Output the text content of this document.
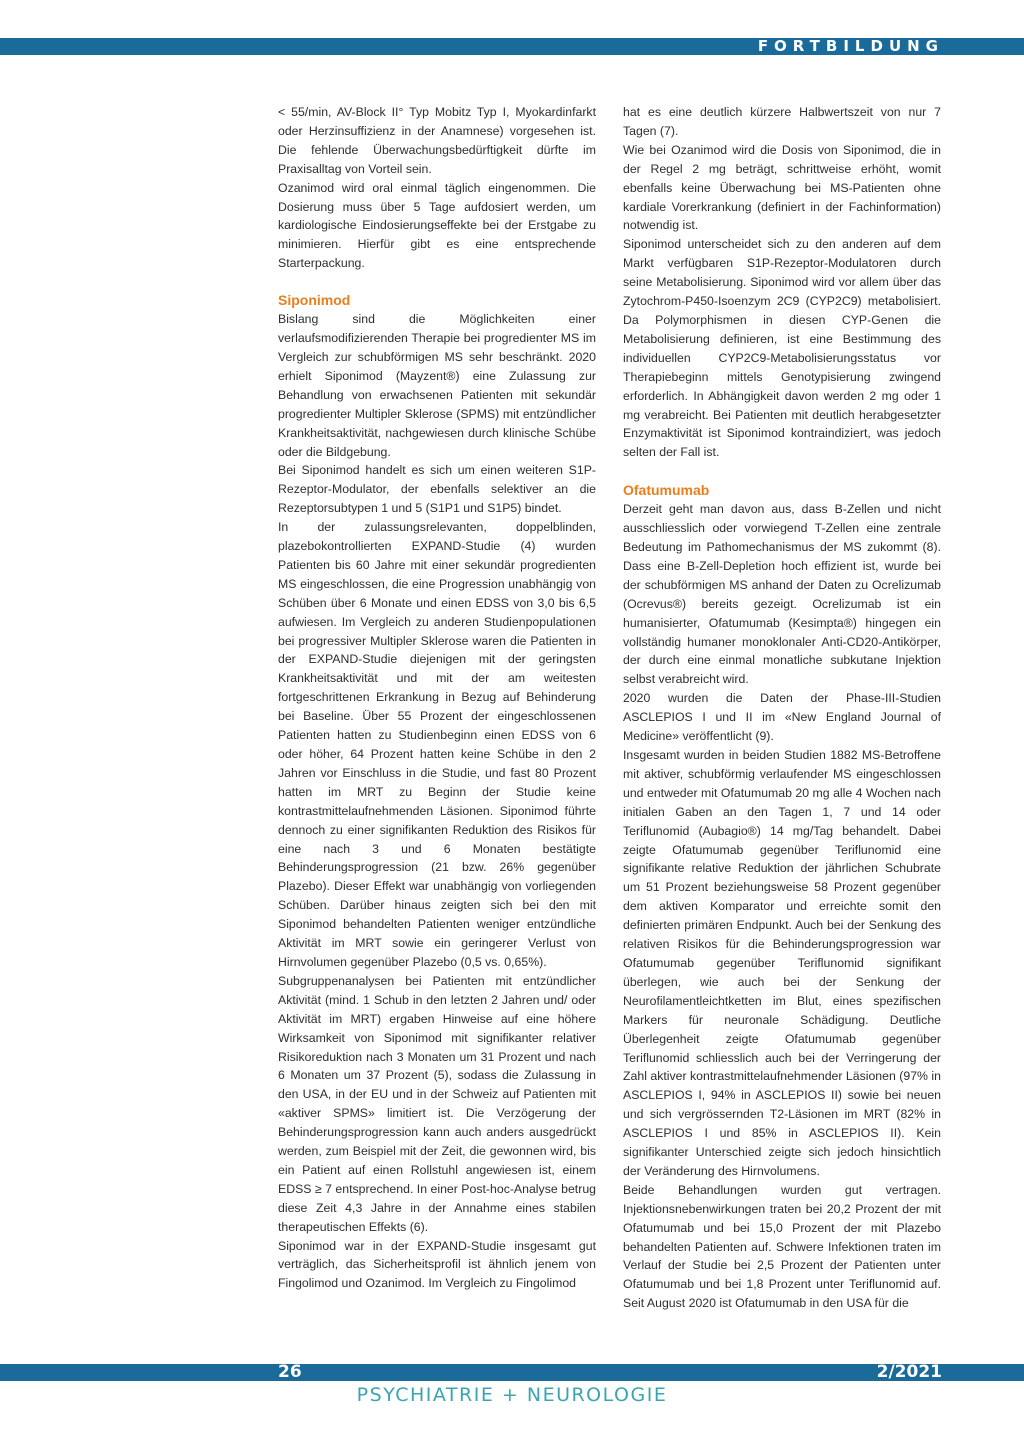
FORTBILDUNG

< 55/min, AV-Block II° Typ Mobitz Typ I, Myokardinfarkt oder Herzinsuffizienz in der Anamnese) vorgesehen ist. Die fehlende Überwachungsbedürftigkeit dürfte im Praxisalltag von Vorteil sein.

Ozanimod wird oral einmal täglich eingenommen. Die Dosierung muss über 5 Tage aufdosiert werden, um kardiologische Eindosierungseffekte bei der Erstgabe zu minimieren. Hierfür gibt es eine entsprechende Starterpackung.

Siponimod

Bislang sind die Möglichkeiten einer verlaufsmodifizierenden Therapie bei progredienter MS im Vergleich zur schubförmigen MS sehr beschränkt. 2020 erhielt Siponimod (Mayzent®) eine Zulassung zur Behandlung von erwachsenen Patienten mit sekundär progredienter Multipler Sklerose (SPMS) mit entzündlicher Krankheitsaktivität, nachgewiesen durch klinische Schübe oder die Bildgebung.

Bei Siponimod handelt es sich um einen weiteren S1P-Rezeptor-Modulator, der ebenfalls selektiver an die Rezeptorsubtypen 1 und 5 (S1P1 und S1P5) bindet.

In der zulassungsrelevanten, doppelblinden, plazebokontrollierten EXPAND-Studie (4) wurden Patienten bis 60 Jahre mit einer sekundär progredienten MS eingeschlossen, die eine Progression unabhängig von Schüben über 6 Monate und einen EDSS von 3,0 bis 6,5 aufwiesen. Im Vergleich zu anderen Studienpopulationen bei progressiver Multipler Sklerose waren die Patienten in der EXPAND-Studie diejenigen mit der geringsten Krankheitsaktivität und mit der am weitesten fortgeschrittenen Erkrankung in Bezug auf Behinderung bei Baseline. Über 55 Prozent der eingeschlossenen Patienten hatten zu Studienbeginn einen EDSS von 6 oder höher, 64 Prozent hatten keine Schübe in den 2 Jahren vor Einschluss in die Studie, und fast 80 Prozent hatten im MRT zu Beginn der Studie keine kontrastmittelaufnehmenden Läsionen. Siponimod führte dennoch zu einer signifikanten Reduktion des Risikos für eine nach 3 und 6 Monaten bestätigte Behinderungsprogression (21 bzw. 26% gegenüber Plazebo). Dieser Effekt war unabhängig von vorliegenden Schüben. Darüber hinaus zeigten sich bei den mit Siponimod behandelten Patienten weniger entzündliche Aktivität im MRT sowie ein geringerer Verlust von Hirnvolumen gegenüber Plazebo (0,5 vs. 0,65%).

Subgruppenanalysen bei Patienten mit entzündlicher Aktivität (mind. 1 Schub in den letzten 2 Jahren und/ oder Aktivität im MRT) ergaben Hinweise auf eine höhere Wirksamkeit von Siponimod mit signifikanter relativer Risikoreduktion nach 3 Monaten um 31 Prozent und nach 6 Monaten um 37 Prozent (5), sodass die Zulassung in den USA, in der EU und in der Schweiz auf Patienten mit «aktiver SPMS» limitiert ist. Die Verzögerung der Behinderungsprogression kann auch anders ausgedrückt werden, zum Beispiel mit der Zeit, die gewonnen wird, bis ein Patient auf einen Rollstuhl angewiesen ist, einem EDSS ≥ 7 entsprechend. In einer Post-hoc-Analyse betrug diese Zeit 4,3 Jahre in der Annahme eines stabilen therapeutischen Effekts (6).

Siponimod war in der EXPAND-Studie insgesamt gut verträglich, das Sicherheitsprofil ist ähnlich jenem von Fingolimod und Ozanimod. Im Vergleich zu Fingolimod

hat es eine deutlich kürzere Halbwertszeit von nur 7 Tagen (7).

Wie bei Ozanimod wird die Dosis von Siponimod, die in der Regel 2 mg beträgt, schrittweise erhöht, womit ebenfalls keine Überwachung bei MS-Patienten ohne kardiale Vorerkrankung (definiert in der Fachinformation) notwendig ist.

Siponimod unterscheidet sich zu den anderen auf dem Markt verfügbaren S1P-Rezeptor-Modulatoren durch seine Metabolisierung. Siponimod wird vor allem über das Zytochrom-P450-Isoenzym 2C9 (CYP2C9) metabolisiert. Da Polymorphismen in diesen CYP-Genen die Metabolisierung definieren, ist eine Bestimmung des individuellen CYP2C9-Metabolisierungsstatus vor Therapiebeginn mittels Genotypisierung zwingend erforderlich. In Abhängigkeit davon werden 2 mg oder 1 mg verabreicht. Bei Patienten mit deutlich herabgesetzter Enzymaktivität ist Siponimod kontraindiziert, was jedoch selten der Fall ist.

Ofatumumab

Derzeit geht man davon aus, dass B-Zellen und nicht ausschliesslich oder vorwiegend T-Zellen eine zentrale Bedeutung im Pathomechanismus der MS zukommt (8). Dass eine B-Zell-Depletion hoch effizient ist, wurde bei der schubförmigen MS anhand der Daten zu Ocrelizumab (Ocrevus®) bereits gezeigt. Ocrelizumab ist ein humanisierter, Ofatumumab (Kesimpta®) hingegen ein vollständig humaner monoklonaler Anti-CD20-Antikörper, der durch eine einmal monatliche subkutane Injektion selbst verabreicht wird.

2020 wurden die Daten der Phase-III-Studien ASCLEPIOS I und II im «New England Journal of Medicine» veröffentlicht (9).

Insgesamt wurden in beiden Studien 1882 MS-Betroffene mit aktiver, schubförmig verlaufender MS eingeschlossen und entweder mit Ofatumumab 20 mg alle 4 Wochen nach initialen Gaben an den Tagen 1, 7 und 14 oder Teriflunomid (Aubagio®) 14 mg/Tag behandelt. Dabei zeigte Ofatumumab gegenüber Teriflunomid eine signifikante relative Reduktion der jährlichen Schubrate um 51 Prozent beziehungsweise 58 Prozent gegenüber dem aktiven Komparator und erreichte somit den definierten primären Endpunkt. Auch bei der Senkung des relativen Risikos für die Behinderungsprogression war Ofatumumab gegenüber Teriflunomid signifikant überlegen, wie auch bei der Senkung der Neurofilamentleichtketten im Blut, eines spezifischen Markers für neuronale Schädigung. Deutliche Überlegenheit zeigte Ofatumumab gegenüber Teriflunomid schliesslich auch bei der Verringerung der Zahl aktiver kontrastmittelaufnehmender Läsionen (97% in ASCLEPIOS I, 94% in ASCLEPIOS II) sowie bei neuen und sich vergrössernden T2-Läsionen im MRT (82% in ASCLEPIOS I und 85% in ASCLEPIOS II). Kein signifikanter Unterschied zeigte sich jedoch hinsichtlich der Veränderung des Hirnvolumens.

Beide Behandlungen wurden gut vertragen. Injektionsnebenwirkungen traten bei 20,2 Prozent der mit Ofatumumab und bei 15,0 Prozent der mit Plazebo behandelten Patienten auf. Schwere Infektionen traten im Verlauf der Studie bei 2,5 Prozent der Patienten unter Ofatumumab und bei 1,8 Prozent unter Teriflunomid auf. Seit August 2020 ist Ofatumumab in den USA für die

26	2/2021
PSYCHIATRIE + NEUROLOGIE
